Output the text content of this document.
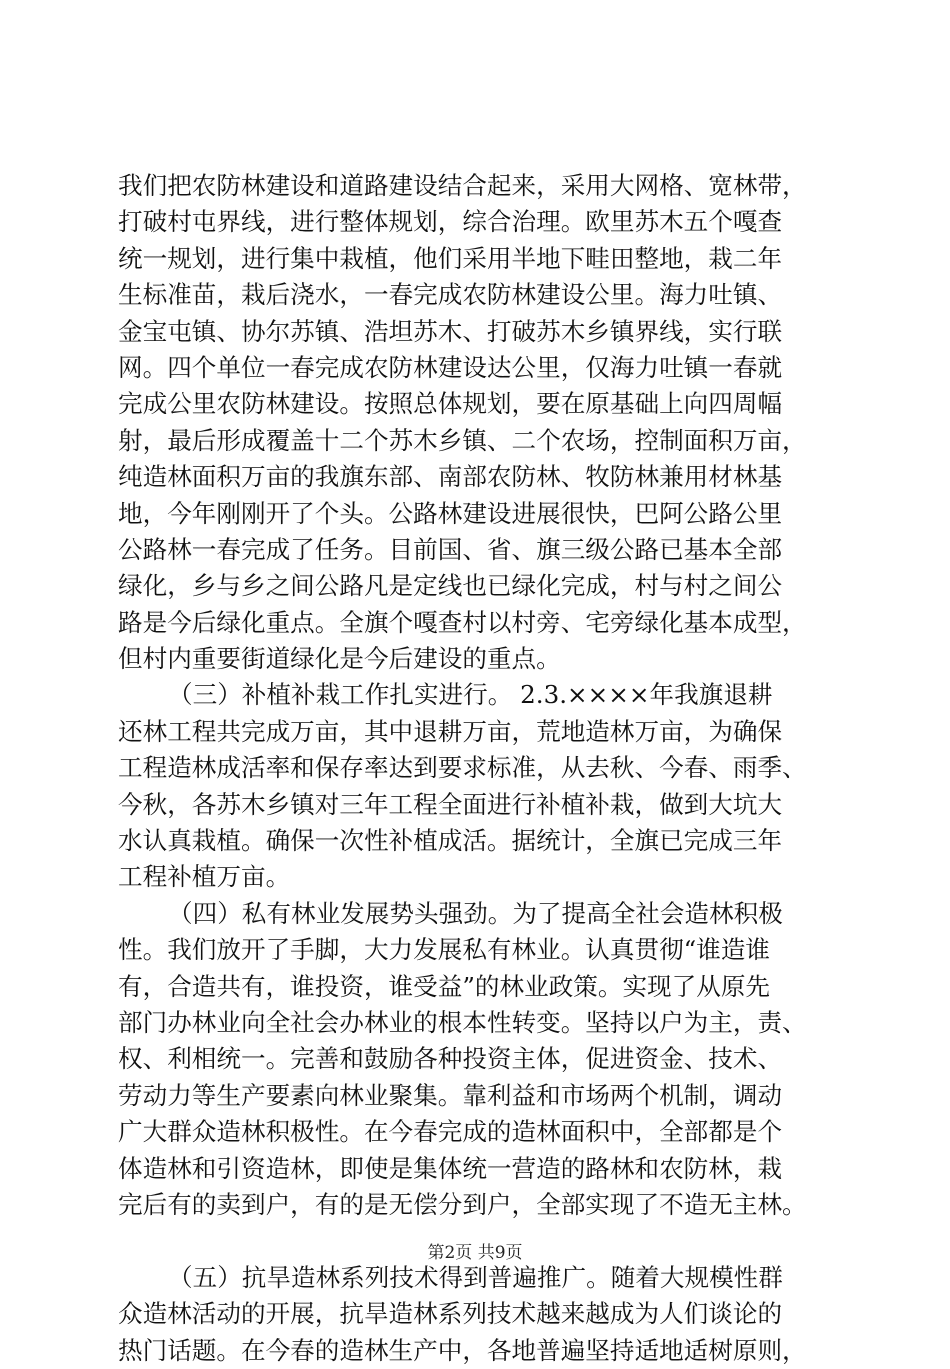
我们把农防林建设和道路建设结合起来，采用大网格、宽林带，
打破村屯界线，进行整体规划，综合治理。欧里苏木五个嘎查
统一规划，进行集中栽植，他们采用半地下畦田整地，栽二年
生标准苗，栽后浇水，一春完成农防林建设公里。海力吐镇、
金宝屯镇、协尔苏镇、浩坦苏木、打破苏木乡镇界线，实行联
网。四个单位一春完成农防林建设达公里，仅海力吐镇一春就
完成公里农防林建设。按照总体规划，要在原基础上向四周幅
射，最后形成覆盖十二个苏木乡镇、二个农场，控制面积万亩，
纯造林面积万亩的我旗东部、南部农防林、牧防林兼用材林基
地，今年刚刚开了个头。公路林建设进展很快，巴阿公路公里
公路林一春完成了任务。目前国、省、旗三级公路已基本全部
绿化，乡与乡之间公路凡是定线也已绿化完成，村与村之间公
路是今后绿化重点。全旗个嘎查村以村旁、宅旁绿化基本成型，
但村内重要街道绿化是今后建设的重点。
（三）补植补栽工作扎实进行。 2.3.××××年我旗退耕
还林工程共完成万亩，其中退耕万亩，荒地造林万亩，为确保
工程造林成活率和保存率达到要求标准，从去秋、今春、雨季、
今秋，各苏木乡镇对三年工程全面进行补植补栽，做到大坑大
水认真栽植。确保一次性补植成活。据统计，全旗已完成三年
工程补植万亩。
（四）私有林业发展势头强劲。为了提高全社会造林积极
性。我们放开了手脚，大力发展私有林业。认真贯彻“谁造谁
有，合造共有，谁投资，谁受益”的林业政策。实现了从原先
部门办林业向全社会办林业的根本性转变。坚持以户为主，责、
权、利相统一。完善和鼓励各种投资主体，促进资金、技术、
劳动力等生产要素向林业聚集。靠利益和市场两个机制，调动
广大群众造林积极性。在今春完成的造林面积中，全部都是个
体造林和引资造林，即使是集体统一营造的路林和农防林，栽
完后有的卖到户，有的是无偿分到户，全部实现了不造无主林。
（五）抗旱造林系列技术得到普遍推广。随着大规模性群
众造林活动的开展，抗旱造林系列技术越来越成为人们谈论的
热门话题。在今春的造林生产中，各地普遍坚持适地适树原则，
第2页 共9页
